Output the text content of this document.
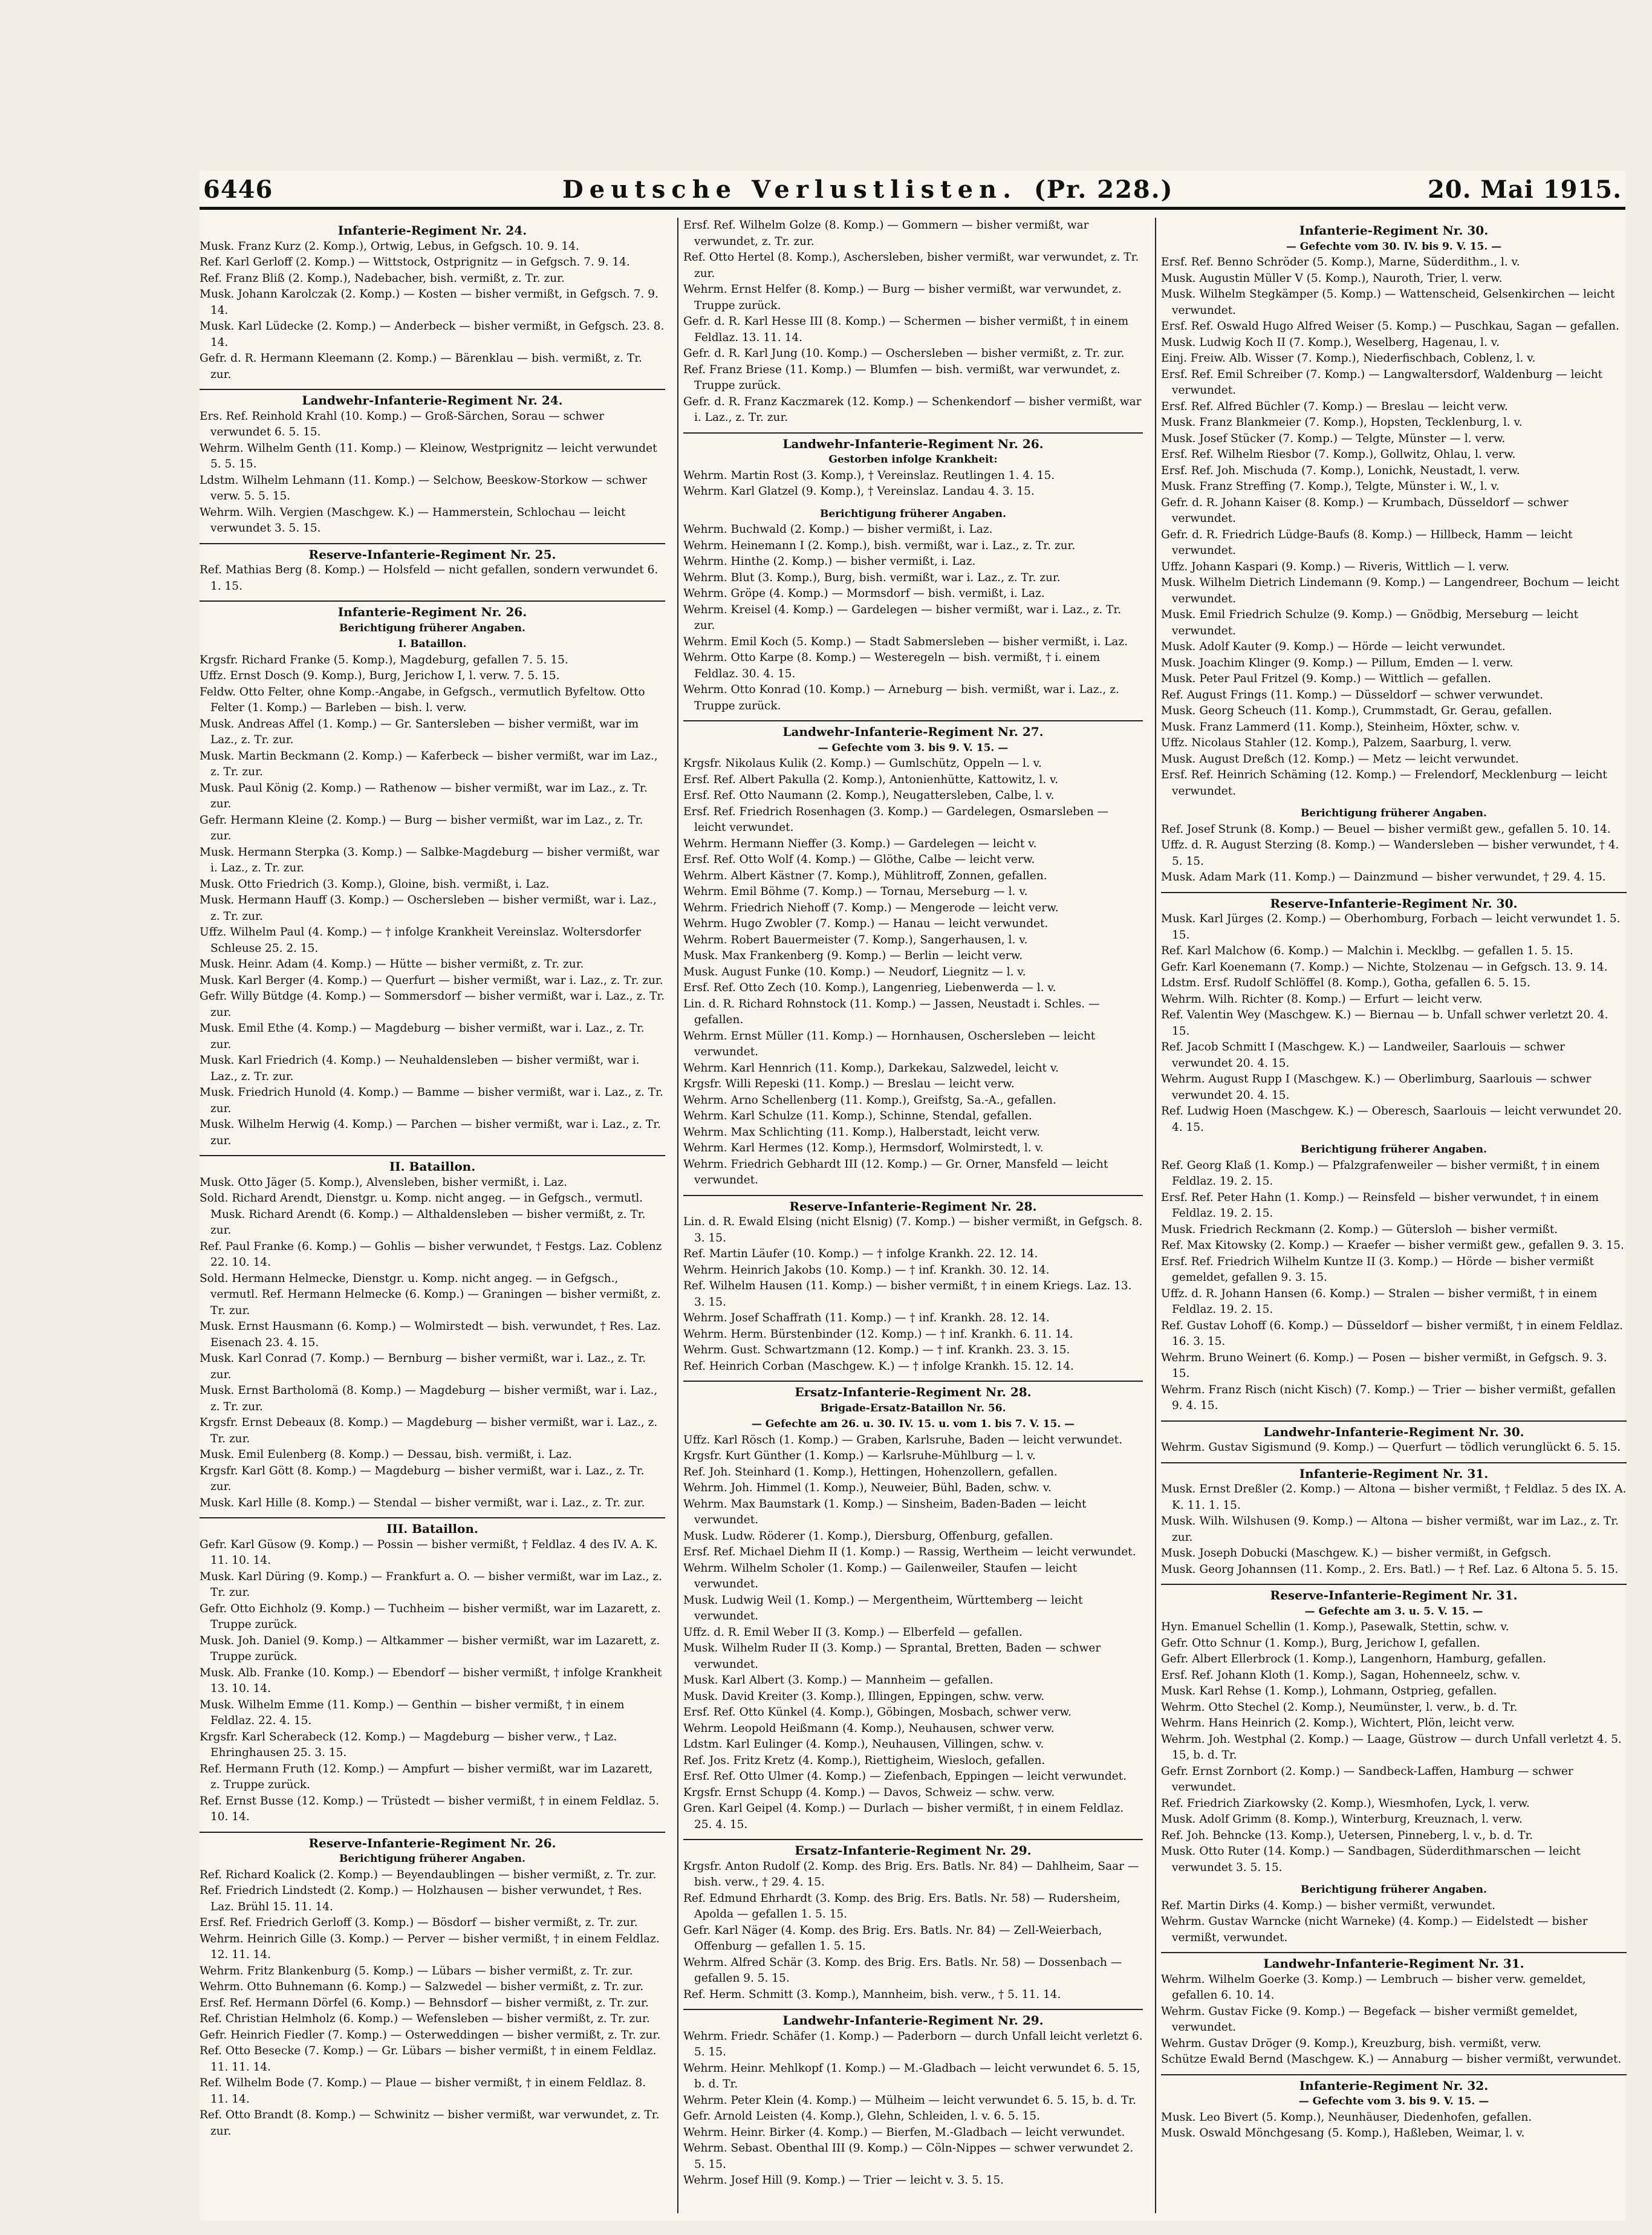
6446	Deutsche Verlustlisten. (Pr. 228.)	20. Mai 1915.
Infanterie-Regiment Nr. 24.

Musk. Franz Kurz (2. Komp.), Ortwig, Lebus, in Gefgsch. 10. 9. 14.

Ref. Karl Gerloff (2. Komp.) — Wittstock, Ostprignitz — in Gefgsch. 7. 9. 14.

Ref. Franz Bliß (2. Komp.), Nadebacher, bish. vermißt, z. Tr. zur.

Musk. Johann Karolczak (2. Komp.) — Kosten — bisher vermißt, in Gefgsch. 7. 9. 14.

Musk. Karl Lüdecke (2. Komp.) — Anderbeck — bisher vermißt, in Gefgsch. 23. 8. 14.

Gefr. d. R. Hermann Kleemann (2. Komp.) — Bärenklau — bish. vermißt, z. Tr. zur.

Landwehr-Infanterie-Regiment Nr. 24.

Ers. Ref. Reinhold Krahl (10. Komp.) — Groß-Särchen, Sorau — schwer verwundet 6. 5. 15.

Wehrm. Wilhelm Genth (11. Komp.) — Kleinow, Westprignitz — leicht verwundet 5. 5. 15.

Ldstm. Wilhelm Lehmann (11. Komp.) — Selchow, Beeskow-Storkow — schwer verw. 5. 5. 15.

Wehrm. Wilh. Vergien (Maschgew. K.) — Hammerstein, Schlochau — leicht verwundet 3. 5. 15.

Reserve-Infanterie-Regiment Nr. 25.

Ref. Mathias Berg (8. Komp.) — Holsfeld — nicht gefallen, sondern verwundet 6. 1. 15.

Infanterie-Regiment Nr. 26.
Berichtigung früherer Angaben.
I. Bataillon.

Krgsfr. Richard Franke (5. Komp.), Magdeburg, gefallen 7. 5. 15.

Uffz. Ernst Dosch (9. Komp.), Burg, Jerichow I, l. verw. 7. 5. 15.

Feldw. Otto Felter, ohne Komp.-Angabe, in Gefgsch., vermutlich Byfeltow. Otto Felter (1. Komp.) — Barleben — bish. l. verw.

Musk. Andreas Affel (1. Komp.) — Gr. Santersleben — bisher vermißt, war im Laz., z. Tr. zur.

Musk. Martin Beckmann (2. Komp.) — Kaferbeck — bisher vermißt, war im Laz., z. Tr. zur.

Musk. Paul König (2. Komp.) — Rathenow — bisher vermißt, war im Laz., z. Tr. zur.

Gefr. Hermann Kleine (2. Komp.) — Burg — bisher vermißt, war im Laz., z. Tr. zur.

Musk. Hermann Sterpka (3. Komp.) — Salbke-Magdeburg — bisher vermißt, war i. Laz., z. Tr. zur.

Musk. Otto Friedrich (3. Komp.), Gloine, bish. vermißt, i. Laz.

Musk. Hermann Hauff (3. Komp.) — Oschersleben — bisher vermißt, war i. Laz., z. Tr. zur.

Uffz. Wilhelm Paul (4. Komp.) — † infolge Krankheit Vereinslaz. Woltersdorfer Schleuse 25. 2. 15.

Musk. Heinr. Adam (4. Komp.) — Hütte — bisher vermißt, z. Tr. zur.

Musk. Karl Berger (4. Komp.) — Querfurt — bisher vermißt, war i. Laz., z. Tr. zur.

Gefr. Willy Bütdge (4. Komp.) — Sommersdorf — bisher vermißt, war i. Laz., z. Tr. zur.

Musk. Emil Ethe (4. Komp.) — Magdeburg — bisher vermißt, war i. Laz., z. Tr. zur.

Musk. Karl Friedrich (4. Komp.) — Neuhaldensleben — bisher vermißt, war i. Laz., z. Tr. zur.

Musk. Friedrich Hunold (4. Komp.) — Bamme — bisher vermißt, war i. Laz., z. Tr. zur.

Musk. Wilhelm Herwig (4. Komp.) — Parchen — bisher vermißt, war i. Laz., z. Tr. zur.

II. Bataillon.

Musk. Otto Jäger (5. Komp.), Alvensleben, bisher vermißt, i. Laz.

Sold. Richard Arendt, Dienstgr. u. Komp. nicht angeg. — in Gefgsch., vermutl. Musk. Richard Arendt (6. Komp.) — Althaldensleben — bisher vermißt, z. Tr. zur.

Ref. Paul Franke (6. Komp.) — Gohlis — bisher verwundet, † Festgs. Laz. Coblenz 22. 10. 14.

Sold. Hermann Helmecke, Dienstgr. u. Komp. nicht angeg. — in Gefgsch., vermutl. Ref. Hermann Helmecke (6. Komp.) — Graningen — bisher vermißt, z. Tr. zur.

Musk. Ernst Hausmann (6. Komp.) — Wolmirstedt — bish. verwundet, † Res. Laz. Eisenach 23. 4. 15.

Musk. Karl Conrad (7. Komp.) — Bernburg — bisher vermißt, war i. Laz., z. Tr. zur.

Musk. Ernst Bartholomä (8. Komp.) — Magdeburg — bisher vermißt, war i. Laz., z. Tr. zur.

Krgsfr. Ernst Debeaux (8. Komp.) — Magdeburg — bisher vermißt, war i. Laz., z. Tr. zur.

Musk. Emil Eulenberg (8. Komp.) — Dessau, bish. vermißt, i. Laz.

Krgsfr. Karl Gött (8. Komp.) — Magdeburg — bisher vermißt, war i. Laz., z. Tr. zur.

Musk. Karl Hille (8. Komp.) — Stendal — bisher vermißt, war i. Laz., z. Tr. zur.

III. Bataillon.

Gefr. Karl Güsow (9. Komp.) — Possin — bisher vermißt, † Feldlaz. 4 des IV. A. K. 11. 10. 14.

Musk. Karl Düring (9. Komp.) — Frankfurt a. O. — bisher vermißt, war im Laz., z. Tr. zur.

Gefr. Otto Eichholz (9. Komp.) — Tuchheim — bisher vermißt, war im Lazarett, z. Truppe zurück.

Musk. Joh. Daniel (9. Komp.) — Altkammer — bisher vermißt, war im Lazarett, z. Truppe zurück.

Musk. Alb. Franke (10. Komp.) — Ebendorf — bisher vermißt, † infolge Krankheit 13. 10. 14.

Musk. Wilhelm Emme (11. Komp.) — Genthin — bisher vermißt, † in einem Feldlaz. 22. 4. 15.

Krgsfr. Karl Scherabeck (12. Komp.) — Magdeburg — bisher verw., † Laz. Ehringhausen 25. 3. 15.

Ref. Hermann Fruth (12. Komp.) — Ampfurt — bisher vermißt, war im Lazarett, z. Truppe zurück.

Ref. Ernst Busse (12. Komp.) — Trüstedt — bisher vermißt, † in einem Feldlaz. 5. 10. 14.

Reserve-Infanterie-Regiment Nr. 26.
Berichtigung früherer Angaben.

Ref. Richard Koalick (2. Komp.) — Beyendaublingen — bisher vermißt, z. Tr. zur.

Ref. Friedrich Lindstedt (2. Komp.) — Holzhausen — bisher verwundet, † Res. Laz. Brühl 15. 11. 14.

Ersf. Ref. Friedrich Gerloff (3. Komp.) — Bösdorf — bisher vermißt, z. Tr. zur.

Wehrm. Heinrich Gille (3. Komp.) — Perver — bisher vermißt, † in einem Feldlaz. 12. 11. 14.

Wehrm. Fritz Blankenburg (5. Komp.) — Lübars — bisher vermißt, z. Tr. zur.

Wehrm. Otto Buhnemann (6. Komp.) — Salzwedel — bisher vermißt, z. Tr. zur.

Ersf. Ref. Hermann Dörfel (6. Komp.) — Behnsdorf — bisher vermißt, z. Tr. zur.

Ref. Christian Helmholz (6. Komp.) — Wefensleben — bisher vermißt, z. Tr. zur.

Gefr. Heinrich Fiedler (7. Komp.) — Osterweddingen — bisher vermißt, z. Tr. zur.

Ref. Otto Besecke (7. Komp.) — Gr. Lübars — bisher vermißt, † in einem Feldlaz. 11. 11. 14.

Ref. Wilhelm Bode (7. Komp.) — Plaue — bisher vermißt, † in einem Feldlaz. 8. 11. 14.

Ref. Otto Brandt (8. Komp.) — Schwinitz — bisher vermißt, war verwundet, z. Tr. zur.

Ersf. Ref. Wilhelm Golze (8. Komp.) — Gommern — bisher vermißt, war verwundet, z. Tr. zur.

Ref. Otto Hertel (8. Komp.), Aschersleben, bisher vermißt, war verwundet, z. Tr. zur.

Wehrm. Ernst Helfer (8. Komp.) — Burg — bisher vermißt, war verwundet, z. Truppe zurück.

Gefr. d. R. Karl Hesse III (8. Komp.) — Schermen — bisher vermißt, † in einem Feldlaz. 13. 11. 14.

Gefr. d. R. Karl Jung (10. Komp.) — Oschersleben — bisher vermißt, z. Tr. zur.

Ref. Franz Briese (11. Komp.) — Blumfen — bish. vermißt, war verwundet, z. Truppe zurück.

Gefr. d. R. Franz Kaczmarek (12. Komp.) — Schenkendorf — bisher vermißt, war i. Laz., z. Tr. zur.

Landwehr-Infanterie-Regiment Nr. 26.
Gestorben infolge Krankheit:

Wehrm. Martin Rost (3. Komp.), † Vereinslaz. Reutlingen 1. 4. 15.

Wehrm. Karl Glatzel (9. Komp.), † Vereinslaz. Landau 4. 3. 15.

Berichtigung früherer Angaben.

Wehrm. Buchwald (2. Komp.) — bisher vermißt, i. Laz.

Wehrm. Heinemann I (2. Komp.), bish. vermißt, war i. Laz., z. Tr. zur.

Wehrm. Hinthe (2. Komp.) — bisher vermißt, i. Laz.

Wehrm. Blut (3. Komp.), Burg, bish. vermißt, war i. Laz., z. Tr. zur.

Wehrm. Gröpe (4. Komp.) — Mormsdorf — bish. vermißt, i. Laz.

Wehrm. Kreisel (4. Komp.) — Gardelegen — bisher vermißt, war i. Laz., z. Tr. zur.

Wehrm. Emil Koch (5. Komp.) — Stadt Sabmersleben — bisher vermißt, i. Laz.

Wehrm. Otto Karpe (8. Komp.) — Westeregeln — bish. vermißt, † i. einem Feldlaz. 30. 4. 15.

Wehrm. Otto Konrad (10. Komp.) — Arneburg — bish. vermißt, war i. Laz., z. Truppe zurück.

Landwehr-Infanterie-Regiment Nr. 27.
— Gefechte vom 3. bis 9. V. 15. —

Krgsfr. Nikolaus Kulik (2. Komp.) — Gumlschütz, Oppeln — l. v.

Ersf. Ref. Albert Pakulla (2. Komp.), Antonienhütte, Kattowitz, l. v.

Ersf. Ref. Otto Naumann (2. Komp.), Neugattersleben, Calbe, l. v.

Ersf. Ref. Friedrich Rosenhagen (3. Komp.) — Gardelegen, Osmarsleben — leicht verwundet.

Wehrm. Hermann Nieffer (3. Komp.) — Gardelegen — leicht v.

Ersf. Ref. Otto Wolf (4. Komp.) — Glöthe, Calbe — leicht verw.

Wehrm. Albert Kästner (7. Komp.), Mühlitroff, Zonnen, gefallen.

Wehrm. Emil Böhme (7. Komp.) — Tornau, Merseburg — l. v.

Wehrm. Friedrich Niehoff (7. Komp.) — Mengerode — leicht verw.

Wehrm. Hugo Zwobler (7. Komp.) — Hanau — leicht verwundet.

Wehrm. Robert Bauermeister (7. Komp.), Sangerhausen, l. v.

Musk. Max Frankenberg (9. Komp.) — Berlin — leicht verw.

Musk. August Funke (10. Komp.) — Neudorf, Liegnitz — l. v.

Ersf. Ref. Otto Zech (10. Komp.), Langenrieg, Liebenwerda — l. v.

Lin. d. R. Richard Rohnstock (11. Komp.) — Jassen, Neustadt i. Schles. — gefallen.

Wehrm. Ernst Müller (11. Komp.) — Hornhausen, Oschersleben — leicht verwundet.

Wehrm. Karl Hennrich (11. Komp.), Darkekau, Salzwedel, leicht v.

Krgsfr. Willi Repeski (11. Komp.) — Breslau — leicht verw.

Wehrm. Arno Schellenberg (11. Komp.), Greifstg, Sa.-A., gefallen.

Wehrm. Karl Schulze (11. Komp.), Schinne, Stendal, gefallen.

Wehrm. Max Schlichting (11. Komp.), Halberstadt, leicht verw.

Wehrm. Karl Hermes (12. Komp.), Hermsdorf, Wolmirstedt, l. v.

Wehrm. Friedrich Gebhardt III (12. Komp.) — Gr. Orner, Mansfeld — leicht verwundet.

Reserve-Infanterie-Regiment Nr. 28.

Lin. d. R. Ewald Elsing (nicht Elsnig) (7. Komp.) — bisher vermißt, in Gefgsch. 8. 3. 15.

Ref. Martin Läufer (10. Komp.) — † infolge Krankh. 22. 12. 14.

Wehrm. Heinrich Jakobs (10. Komp.) — † inf. Krankh. 30. 12. 14.

Ref. Wilhelm Hausen (11. Komp.) — bisher vermißt, † in einem Kriegs. Laz. 13. 3. 15.

Wehrm. Josef Schaffrath (11. Komp.) — † inf. Krankh. 28. 12. 14.

Wehrm. Herm. Bürstenbinder (12. Komp.) — † inf. Krankh. 6. 11. 14.

Wehrm. Gust. Schwartzmann (12. Komp.) — † inf. Krankh. 23. 3. 15.

Ref. Heinrich Corban (Maschgew. K.) — † infolge Krankh. 15. 12. 14.

Ersatz-Infanterie-Regiment Nr. 28.
Brigade-Ersatz-Bataillon Nr. 56.
— Gefechte am 26. u. 30. IV. 15. u. vom 1. bis 7. V. 15. —

Uffz. Karl Rösch (1. Komp.) — Graben, Karlsruhe, Baden — leicht verwundet.

Krgsfr. Kurt Günther (1. Komp.) — Karlsruhe-Mühlburg — l. v.

Ref. Joh. Steinhard (1. Komp.), Hettingen, Hohenzollern, gefallen.

Wehrm. Joh. Himmel (1. Komp.), Neuweier, Bühl, Baden, schw. v.

Wehrm. Max Baumstark (1. Komp.) — Sinsheim, Baden-Baden — leicht verwundet.

Musk. Ludw. Röderer (1. Komp.), Diersburg, Offenburg, gefallen.

Ersf. Ref. Michael Diehm II (1. Komp.) — Rassig, Wertheim — leicht verwundet.

Wehrm. Wilhelm Scholer (1. Komp.) — Gailenweiler, Staufen — leicht verwundet.

Musk. Ludwig Weil (1. Komp.) — Mergentheim, Württemberg — leicht verwundet.

Uffz. d. R. Emil Weber II (3. Komp.) — Elberfeld — gefallen.

Musk. Wilhelm Ruder II (3. Komp.) — Sprantal, Bretten, Baden — schwer verwundet.

Musk. Karl Albert (3. Komp.) — Mannheim — gefallen.

Musk. David Kreiter (3. Komp.), Illingen, Eppingen, schw. verw.

Ersf. Ref. Otto Künkel (4. Komp.), Göbingen, Mosbach, schwer verw.

Wehrm. Leopold Heißmann (4. Komp.), Neuhausen, schwer verw.

Ldstm. Karl Eulinger (4. Komp.), Neuhausen, Villingen, schw. v.

Ref. Jos. Fritz Kretz (4. Komp.), Riettigheim, Wiesloch, gefallen.

Ersf. Ref. Otto Ulmer (4. Komp.) — Ziefenbach, Eppingen — leicht verwundet.

Krgsfr. Ernst Schupp (4. Komp.) — Davos, Schweiz — schw. verw.

Gren. Karl Geipel (4. Komp.) — Durlach — bisher vermißt, † in einem Feldlaz. 25. 4. 15.

Ersatz-Infanterie-Regiment Nr. 29.

Krgsfr. Anton Rudolf (2. Komp. des Brig. Ers. Batls. Nr. 84) — Dahlheim, Saar — bish. verw., † 29. 4. 15.

Ref. Edmund Ehrhardt (3. Komp. des Brig. Ers. Batls. Nr. 58) — Rudersheim, Apolda — gefallen 1. 5. 15.

Gefr. Karl Näger (4. Komp. des Brig. Ers. Batls. Nr. 84) — Zell-Weierbach, Offenburg — gefallen 1. 5. 15.

Wehrm. Alfred Schär (3. Komp. des Brig. Ers. Batls. Nr. 58) — Dossenbach — gefallen 9. 5. 15.

Ref. Herm. Schmitt (3. Komp.), Mannheim, bish. verw., † 5. 11. 14.

Landwehr-Infanterie-Regiment Nr. 29.

Wehrm. Friedr. Schäfer (1. Komp.) — Paderborn — durch Unfall leicht verletzt 6. 5. 15.

Wehrm. Heinr. Mehlkopf (1. Komp.) — M.-Gladbach — leicht verwundet 6. 5. 15, b. d. Tr.

Wehrm. Peter Klein (4. Komp.) — Mülheim — leicht verwundet 6. 5. 15, b. d. Tr.

Gefr. Arnold Leisten (4. Komp.), Glehn, Schleiden, l. v. 6. 5. 15.

Wehrm. Heinr. Birker (4. Komp.) — Bierfen, M.-Gladbach — leicht verwundet.

Wehrm. Sebast. Obenthal III (9. Komp.) — Cöln-Nippes — schwer verwundet 2. 5. 15.

Wehrm. Josef Hill (9. Komp.) — Trier — leicht v. 3. 5. 15.

Infanterie-Regiment Nr. 30.
— Gefechte vom 30. IV. bis 9. V. 15. —

Ersf. Ref. Benno Schröder (5. Komp.), Marne, Süderdithm., l. v.

Musk. Augustin Müller V (5. Komp.), Nauroth, Trier, l. verw.

Musk. Wilhelm Stegkämper (5. Komp.) — Wattenscheid, Gelsenkirchen — leicht verwundet.

Ersf. Ref. Oswald Hugo Alfred Weiser (5. Komp.) — Puschkau, Sagan — gefallen.

Musk. Ludwig Koch II (7. Komp.), Weselberg, Hagenau, l. v.

Einj. Freiw. Alb. Wisser (7. Komp.), Niederfischbach, Coblenz, l. v.

Ersf. Ref. Emil Schreiber (7. Komp.) — Langwaltersdorf, Waldenburg — leicht verwundet.

Ersf. Ref. Alfred Büchler (7. Komp.) — Breslau — leicht verw.

Musk. Franz Blankmeier (7. Komp.), Hopsten, Tecklenburg, l. v.

Musk. Josef Stücker (7. Komp.) — Telgte, Münster — l. verw.

Ersf. Ref. Wilhelm Riesbor (7. Komp.), Gollwitz, Ohlau, l. verw.

Ersf. Ref. Joh. Mischuda (7. Komp.), Lonichk, Neustadt, l. verw.

Musk. Franz Streffing (7. Komp.), Telgte, Münster i. W., l. v.

Gefr. d. R. Johann Kaiser (8. Komp.) — Krumbach, Düsseldorf — schwer verwundet.

Gefr. d. R. Friedrich Lüdge-Baufs (8. Komp.) — Hillbeck, Hamm — leicht verwundet.

Uffz. Johann Kaspari (9. Komp.) — Riveris, Wittlich — l. verw.

Musk. Wilhelm Dietrich Lindemann (9. Komp.) — Langendreer, Bochum — leicht verwundet.

Musk. Emil Friedrich Schulze (9. Komp.) — Gnödbig, Merseburg — leicht verwundet.

Musk. Adolf Kauter (9. Komp.) — Hörde — leicht verwundet.

Musk. Joachim Klinger (9. Komp.) — Pillum, Emden — l. verw.

Musk. Peter Paul Fritzel (9. Komp.) — Wittlich — gefallen.

Ref. August Frings (11. Komp.) — Düsseldorf — schwer verwundet.

Musk. Georg Scheuch (11. Komp.), Crummstadt, Gr. Gerau, gefallen.

Musk. Franz Lammerd (11. Komp.), Steinheim, Höxter, schw. v.

Uffz. Nicolaus Stahler (12. Komp.), Palzem, Saarburg, l. verw.

Musk. August Dreßch (12. Komp.) — Metz — leicht verwundet.

Ersf. Ref. Heinrich Schäming (12. Komp.) — Frelendorf, Mecklenburg — leicht verwundet.

Berichtigung früherer Angaben.

Ref. Josef Strunk (8. Komp.) — Beuel — bisher vermißt gew., gefallen 5. 10. 14.

Uffz. d. R. August Sterzing (8. Komp.) — Wandersleben — bisher verwundet, † 4. 5. 15.

Musk. Adam Mark (11. Komp.) — Dainzmund — bisher verwundet, † 29. 4. 15.

Reserve-Infanterie-Regiment Nr. 30.

Musk. Karl Jürges (2. Komp.) — Oberhomburg, Forbach — leicht verwundet 1. 5. 15.

Ref. Karl Malchow (6. Komp.) — Malchin i. Mecklbg. — gefallen 1. 5. 15.

Gefr. Karl Koenemann (7. Komp.) — Nichte, Stolzenau — in Gefgsch. 13. 9. 14.

Ldstm. Ersf. Rudolf Schlöffel (8. Komp.), Gotha, gefallen 6. 5. 15.

Wehrm. Wilh. Richter (8. Komp.) — Erfurt — leicht verw.

Ref. Valentin Wey (Maschgew. K.) — Biernau — b. Unfall schwer verletzt 20. 4. 15.

Ref. Jacob Schmitt I (Maschgew. K.) — Landweiler, Saarlouis — schwer verwundet 20. 4. 15.

Wehrm. August Rupp I (Maschgew. K.) — Oberlimburg, Saarlouis — schwer verwundet 20. 4. 15.

Ref. Ludwig Hoen (Maschgew. K.) — Oberesch, Saarlouis — leicht verwundet 20. 4. 15.

Berichtigung früherer Angaben.

Ref. Georg Klaß (1. Komp.) — Pfalzgrafenweiler — bisher vermißt, † in einem Feldlaz. 19. 2. 15.

Ersf. Ref. Peter Hahn (1. Komp.) — Reinsfeld — bisher verwundet, † in einem Feldlaz. 19. 2. 15.

Musk. Friedrich Reckmann (2. Komp.) — Gütersloh — bisher vermißt.

Ref. Max Kitowsky (2. Komp.) — Kraefer — bisher vermißt gew., gefallen 9. 3. 15.

Ersf. Ref. Friedrich Wilhelm Kuntze II (3. Komp.) — Hörde — bisher vermißt gemeldet, gefallen 9. 3. 15.

Uffz. d. R. Johann Hansen (6. Komp.) — Stralen — bisher vermißt, † in einem Feldlaz. 19. 2. 15.

Ref. Gustav Lohoff (6. Komp.) — Düsseldorf — bisher vermißt, † in einem Feldlaz. 16. 3. 15.

Wehrm. Bruno Weinert (6. Komp.) — Posen — bisher vermißt, in Gefgsch. 9. 3. 15.

Wehrm. Franz Risch (nicht Kisch) (7. Komp.) — Trier — bisher vermißt, gefallen 9. 4. 15.

Landwehr-Infanterie-Regiment Nr. 30.

Wehrm. Gustav Sigismund (9. Komp.) — Querfurt — tödlich verunglückt 6. 5. 15.

Infanterie-Regiment Nr. 31.

Musk. Ernst Dreßler (2. Komp.) — Altona — bisher vermißt, † Feldlaz. 5 des IX. A. K. 11. 1. 15.

Musk. Wilh. Wilshusen (9. Komp.) — Altona — bisher vermißt, war im Laz., z. Tr. zur.

Musk. Joseph Dobucki (Maschgew. K.) — bisher vermißt, in Gefgsch.

Musk. Georg Johannsen (11. Komp., 2. Ers. Batl.) — † Ref. Laz. 6 Altona 5. 5. 15.

Reserve-Infanterie-Regiment Nr. 31.
— Gefechte am 3. u. 5. V. 15. —

Hyn. Emanuel Schellin (1. Komp.), Pasewalk, Stettin, schw. v.

Gefr. Otto Schnur (1. Komp.), Burg, Jerichow I, gefallen.

Gefr. Albert Ellerbrock (1. Komp.), Langenhorn, Hamburg, gefallen.

Ersf. Ref. Johann Kloth (1. Komp.), Sagan, Hohenneelz, schw. v.

Musk. Karl Rehse (1. Komp.), Lohmann, Ostprieg, gefallen.

Wehrm. Otto Stechel (2. Komp.), Neumünster, l. verw., b. d. Tr.

Wehrm. Hans Heinrich (2. Komp.), Wichtert, Plön, leicht verw.

Wehrm. Joh. Westphal (2. Komp.) — Laage, Güstrow — durch Unfall verletzt 4. 5. 15, b. d. Tr.

Gefr. Ernst Zornbort (2. Komp.) — Sandbeck-Laffen, Hamburg — schwer verwundet.

Ref. Friedrich Ziarkowsky (2. Komp.), Wiesmhofen, Lyck, l. verw.

Musk. Adolf Grimm (8. Komp.), Winterburg, Kreuznach, l. verw.

Ref. Joh. Behncke (13. Komp.), Uetersen, Pinneberg, l. v., b. d. Tr.

Musk. Otto Ruter (14. Komp.) — Sandbagen, Süderdithmarschen — leicht verwundet 3. 5. 15.

Berichtigung früherer Angaben.

Ref. Martin Dirks (4. Komp.) — bisher vermißt, verwundet.

Wehrm. Gustav Warncke (nicht Warneke) (4. Komp.) — Eidelstedt — bisher vermißt, verwundet.

Landwehr-Infanterie-Regiment Nr. 31.

Wehrm. Wilhelm Goerke (3. Komp.) — Lembruch — bisher verw. gemeldet, gefallen 6. 10. 14.

Wehrm. Gustav Ficke (9. Komp.) — Begefack — bisher vermißt gemeldet, verwundet.

Wehrm. Gustav Dröger (9. Komp.), Kreuzburg, bish. vermißt, verw.

Schütze Ewald Bernd (Maschgew. K.) — Annaburg — bisher vermißt, verwundet.

Infanterie-Regiment Nr. 32.
— Gefechte vom 3. bis 9. V. 15. —

Musk. Leo Bivert (5. Komp.), Neunhäuser, Diedenhofen, gefallen.

Musk. Oswald Mönchgesang (5. Komp.), Haßleben, Weimar, l. v.
